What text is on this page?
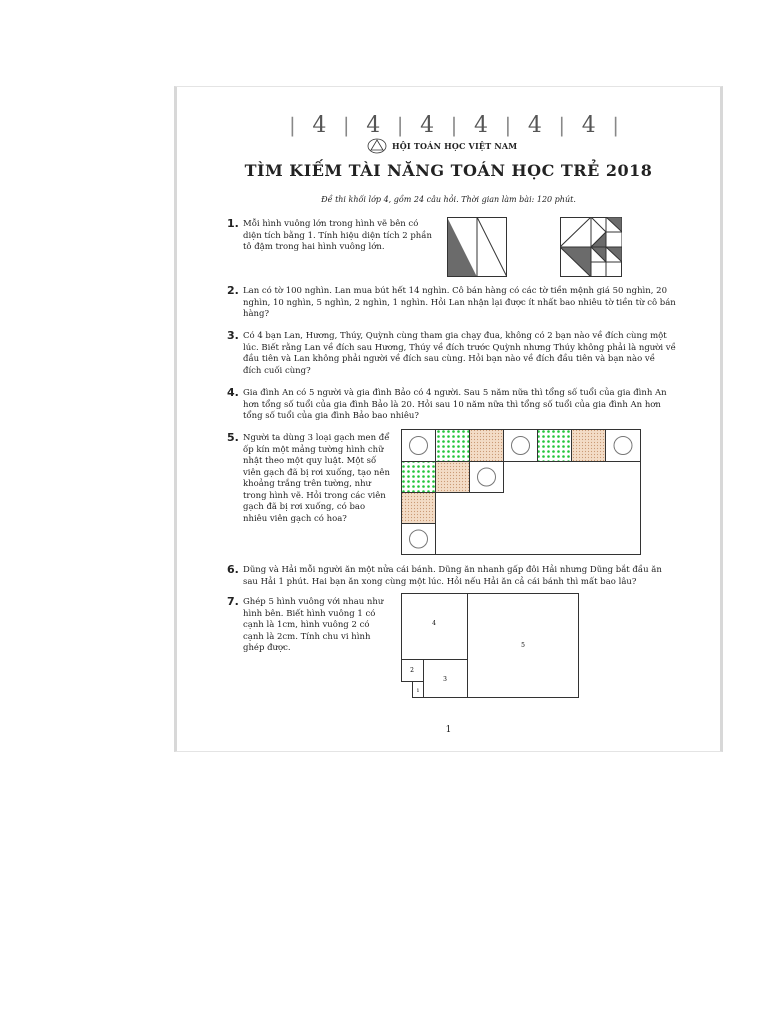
| 4 | 4 | 4 | 4 | 4 | 4 |
HỘI TOÁN HỌC VIỆT NAM
TÌM KIẾM TÀI NĂNG TOÁN HỌC TRẺ 2018
Đề thi khối lớp 4, gồm 24 câu hỏi. Thời gian làm bài: 120 phút.
1. Mỗi hình vuông lớn trong hình vẽ bên có diện tích bằng 1. Tính hiệu diện tích 2 phần tô đậm trong hai hình vuông lớn.
2. Lan có tờ 100 nghìn. Lan mua bút hết 14 nghìn. Cô bán hàng có các tờ tiền mệnh giá 50 nghìn, 20 nghìn, 10 nghìn, 5 nghìn, 2 nghìn, 1 nghìn. Hỏi Lan nhận lại được ít nhất bao nhiêu tờ tiền từ cô bán hàng?
3. Có 4 bạn Lan, Hương, Thúy, Quỳnh cùng tham gia chạy đua, không có 2 bạn nào về đích cùng một lúc. Biết rằng Lan về đích sau Hương, Thúy về đích trước Quỳnh nhưng Thúy không phải là người về đầu tiên và Lan không phải người về đích sau cùng. Hỏi bạn nào về đích đầu tiên và bạn nào về đích cuối cùng?
4. Gia đình An có 5 người và gia đình Bảo có 4 người. Sau 5 năm nữa thì tổng số tuổi của gia đình An hơn tổng số tuổi của gia đình Bảo là 20. Hỏi sau 10 năm nữa thì tổng số tuổi của gia đình An hơn tổng số tuổi của gia đình Bảo bao nhiêu?
5. Người ta dùng 3 loại gạch men để ốp kín một mảng tường hình chữ nhật theo một quy luật. Một số viên gạch đã bị rơi xuống, tạo nên khoảng trắng trên tường, như trong hình vẽ. Hỏi trong các viên gạch đã bị rơi xuống, có bao nhiêu viên gạch có hoa?
6. Dũng và Hải mỗi người ăn một nửa cái bánh. Dũng ăn nhanh gấp đôi Hải nhưng Dũng bắt đầu ăn sau Hải 1 phút. Hai bạn ăn xong cùng một lúc. Hỏi nếu Hải ăn cả cái bánh thì mất bao lâu?
7. Ghép 5 hình vuông với nhau như hình bên. Biết hình vuông 1 có cạnh là 1cm, hình vuông 2 có cạnh là 2cm. Tính chu vi hình ghép được.
4
5
2
3
1
1
